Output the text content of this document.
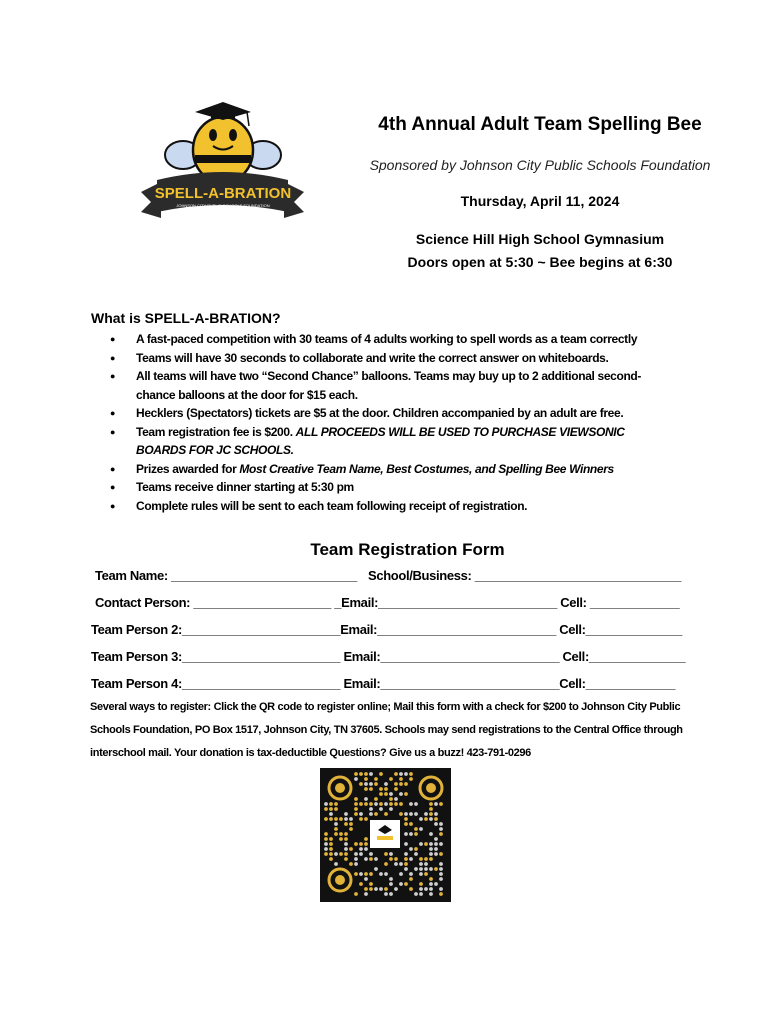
SPELL-A-BRATION
JOHNSON CITY PUBLIC SCHOOLS FOUNDATION
4th Annual Adult Team Spelling Bee
Sponsored by Johnson City Public Schools Foundation
Thursday, April 11, 2024
Science Hill High School Gymnasium
Doors open at 5:30 ~ Bee begins at 6:30
What is SPELL-A-BRATION?
● A fast-paced competition with 30 teams of 4 adults working to spell words as a team correctly
● Teams will have 30 seconds to collaborate and write the correct answer on whiteboards.
● All teams will have two “Second Chance” balloons. Teams may buy up to 2 additional second-chance balloons at the door for $15 each.
● Hecklers (Spectators) tickets are $5 at the door. Children accompanied by an adult are free.
● Team registration fee is $200. ALL PROCEEDS WILL BE USED TO PURCHASE VIEWSONIC BOARDS FOR JC SCHOOLS.
● Prizes awarded for Most Creative Team Name, Best Costumes, and Spelling Bee Winners
● Teams receive dinner starting at 5:30 pm
● Complete rules will be sent to each team following receipt of registration.
Team Registration Form
Team Name: ___________________________ School/Business: ______________________________
Contact Person: ____________________ _Email:__________________________ Cell: _____________
Team Person 2:_______________________Email:__________________________ Cell:______________
Team Person 3:_______________________ Email:__________________________ Cell:______________
Team Person 4:_______________________ Email:__________________________Cell:_____________
Several ways to register: Click the QR code to register online; Mail this form with a check for $200 to Johnson City Public
Schools Foundation, PO Box 1517, Johnson City, TN 37605. Schools may send registrations to the Central Office through
interschool mail. Your donation is tax-deductible Questions? Give us a buzz! 423-791-0296
